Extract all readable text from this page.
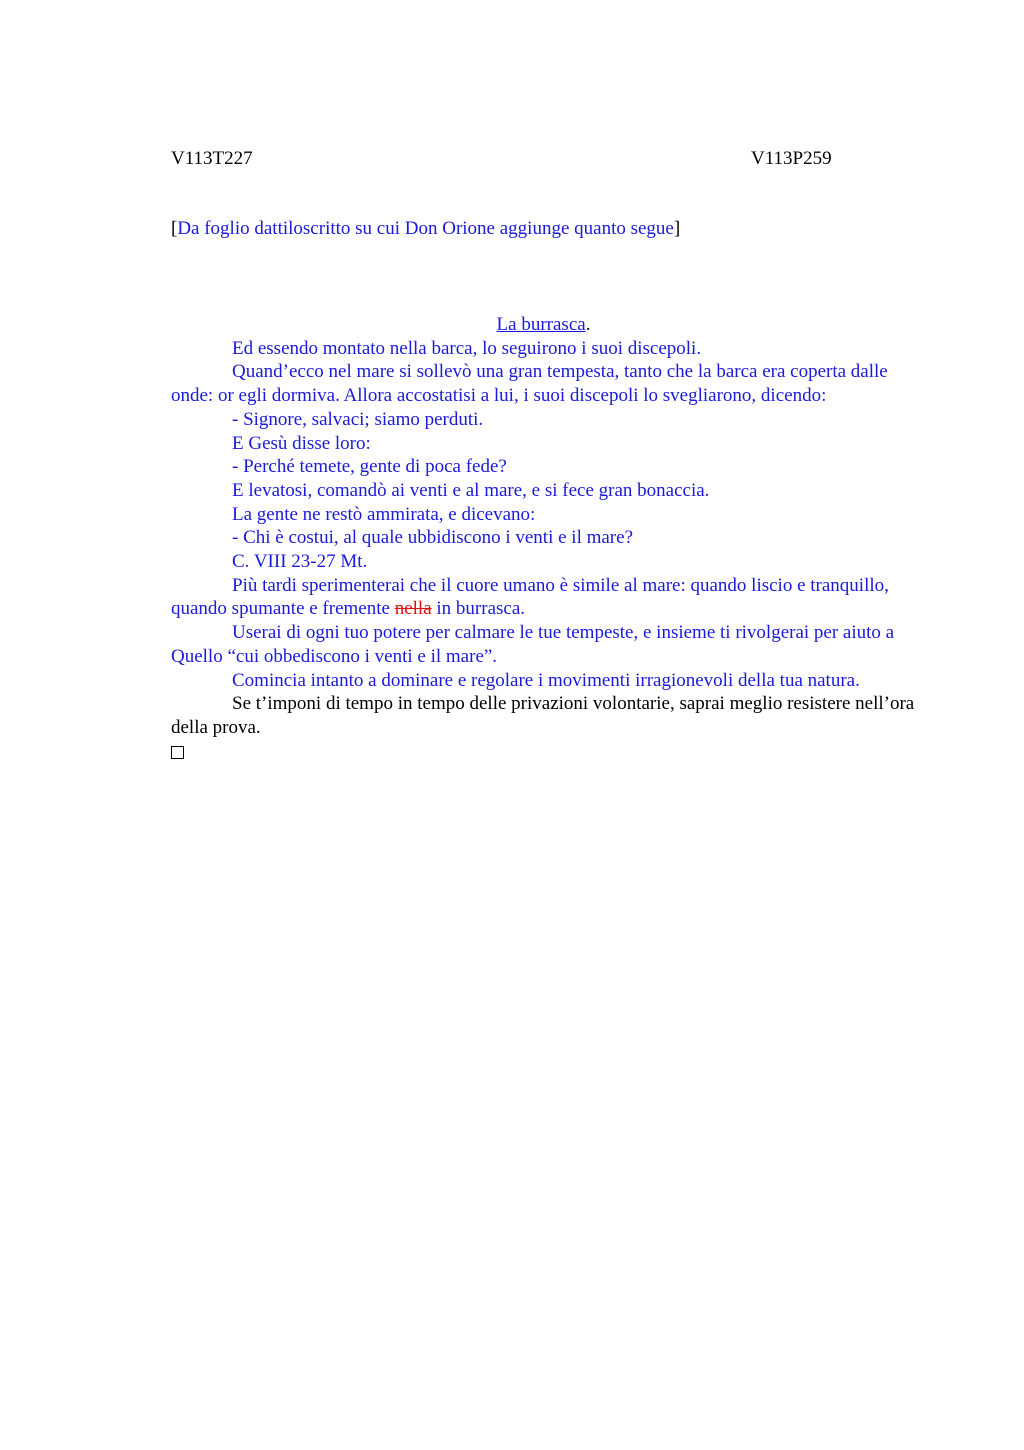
V113T227	V113P259
[Da foglio dattiloscritto su cui Don Orione aggiunge quanto segue]

La burrasca.

Ed essendo montato nella barca, lo seguirono i suoi discepoli.

Quand’ecco nel mare si sollevò una gran tempesta, tanto che la barca era coperta dalle onde: or egli dormiva. Allora accostatisi a lui, i suoi discepoli lo svegliarono, dicendo:

- Signore, salvaci; siamo perduti.

E Gesù disse loro:

- Perché temete, gente di poca fede?

E levatosi, comandò ai venti e al mare, e si fece gran bonaccia.

La gente ne restò ammirata, e dicevano:

- Chi è costui, al quale ubbidiscono i venti e il mare?

C. VIII 23-27 Mt.

Più tardi sperimenterai che il cuore umano è simile al mare: quando liscio e tranquillo, quando spumante e fremente nella in burrasca.

Userai di ogni tuo potere per calmare le tue tempeste, e insieme ti rivolgerai per aiuto a Quello “cui obbediscono i venti e il mare”.

Comincia intanto a dominare e regolare i movimenti irragionevoli della tua natura.

Se t’imponi di tempo in tempo delle privazioni volontarie, saprai meglio resistere nell’ora della prova.
